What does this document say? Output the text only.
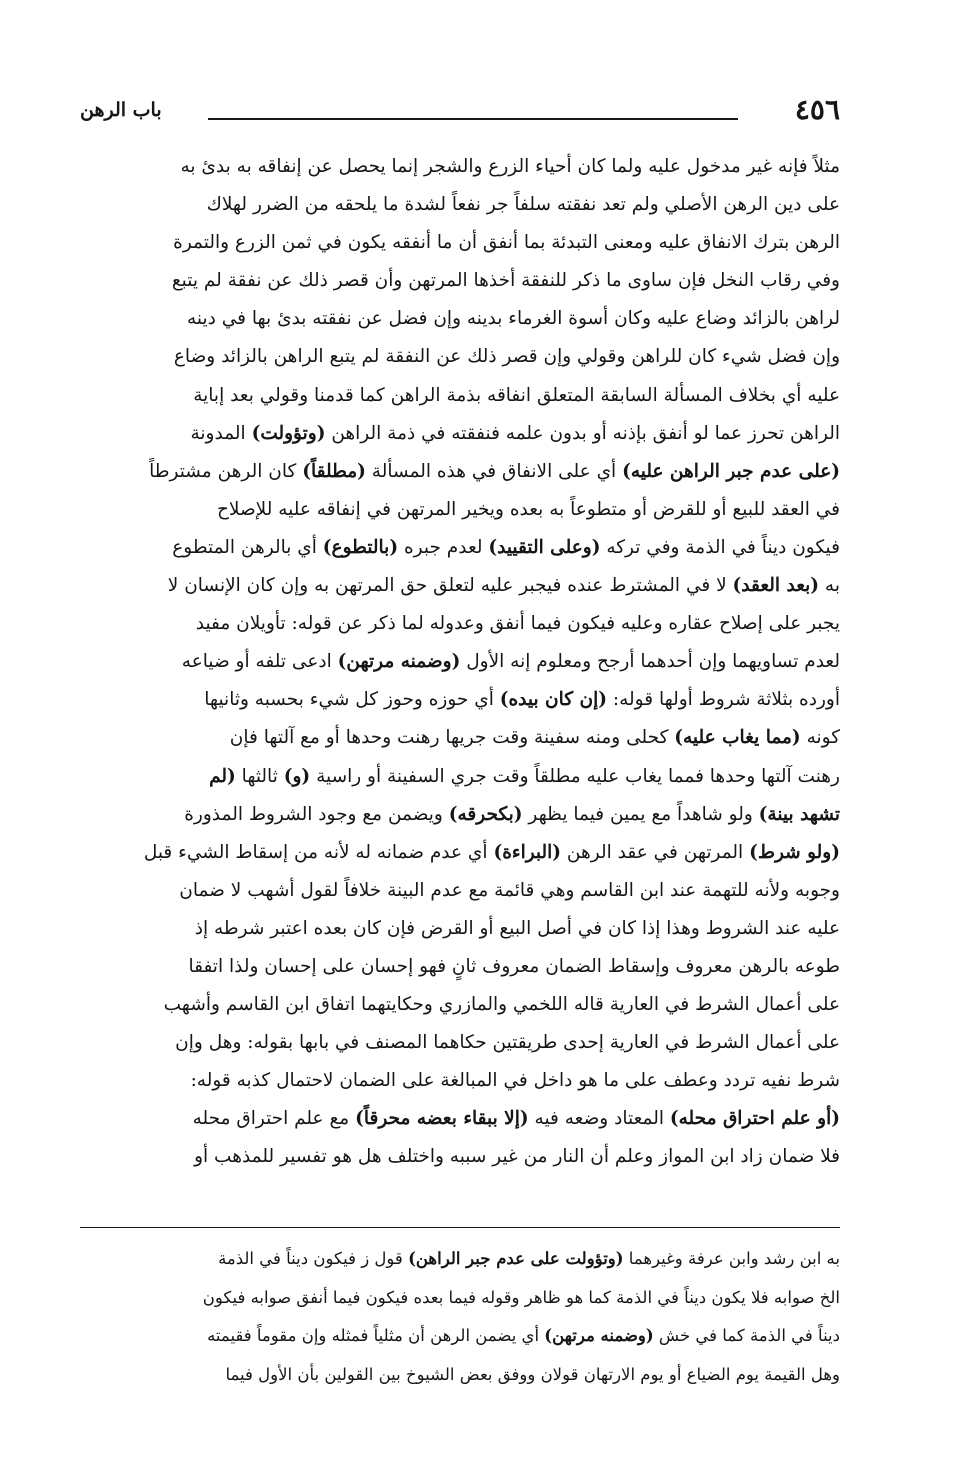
٤٥٦
باب الرهن
مثلاً فإنه غير مدخول عليه ولما كان أحياء الزرع والشجر إنما يحصل عن إنفاقه به بدئ به
على دين الرهن الأصلي ولم تعد نفقته سلفاً جر نفعاً لشدة ما يلحقه من الضرر لهلاك
الرهن بترك الانفاق عليه ومعنى التبدئة بما أنفق أن ما أنفقه يكون في ثمن الزرع والتمرة
وفي رقاب النخل فإن ساوى ما ذكر للنفقة أخذها المرتهن وأن قصر ذلك عن نفقة لم يتبع
لراهن بالزائد وضاع عليه وكان أسوة الغرماء بدينه وإن فضل عن نفقته بدئ بها في دينه
وإن فضل شيء كان للراهن وقولي وإن قصر ذلك عن النفقة لم يتبع الراهن بالزائد وضاع
عليه أي بخلاف المسألة السابقة المتعلق انفاقه بذمة الراهن كما قدمنا وقولي بعد إباية
الراهن تحرز عما لو أنفق بإذنه أو بدون علمه فنفقته في ذمة الراهن (وتؤولت) المدونة
(على عدم جبر الراهن عليه) أي على الانفاق في هذه المسألة (مطلقاً) كان الرهن مشترطاً
في العقد للبيع أو للقرض أو متطوعاً به بعده ويخير المرتهن في إنفاقه عليه للإصلاح
فيكون ديناً في الذمة وفي تركه (وعلى التقييد) لعدم جبره (بالتطوع) أي بالرهن المتطوع
به (بعد العقد) لا في المشترط عنده فيجبر عليه لتعلق حق المرتهن به وإن كان الإنسان لا
يجبر على إصلاح عقاره وعليه فيكون فيما أنفق وعدوله لما ذكر عن قوله: تأويلان مفيد
لعدم تساويهما وإن أحدهما أرجح ومعلوم إنه الأول (وضمنه مرتهن) ادعى تلفه أو ضياعه
أورده بثلاثة شروط أولها قوله: (إن كان بيده) أي حوزه وحوز كل شيء بحسبه وثانيها
كونه (مما يغاب عليه) كحلى ومنه سفينة وقت جريها رهنت وحدها أو مع آلتها فإن
رهنت آلتها وحدها فمما يغاب عليه مطلقاً وقت جري السفينة أو راسية (و) ثالثها (لم
تشهد بينة) ولو شاهداً مع يمين فيما يظهر (بكحرقه) ويضمن مع وجود الشروط المذورة
(ولو شرط) المرتهن في عقد الرهن (البراءة) أي عدم ضمانه له لأنه من إسقاط الشيء قبل
وجوبه ولأنه للتهمة عند ابن القاسم وهي قائمة مع عدم البينة خلافاً لقول أشهب لا ضمان
عليه عند الشروط وهذا إذا كان في أصل البيع أو القرض فإن كان بعده اعتبر شرطه إذ
طوعه بالرهن معروف وإسقاط الضمان معروف ثانٍ فهو إحسان على إحسان ولذا اتفقا
على أعمال الشرط في العارية قاله اللخمي والمازري وحكايتهما اتفاق ابن القاسم وأشهب
على أعمال الشرط في العارية إحدى طريقتين حكاهما المصنف في بابها بقوله: وهل وإن
شرط نفيه تردد وعطف على ما هو داخل في المبالغة على الضمان لاحتمال كذبه قوله:
(أو علم احتراق محله) المعتاد وضعه فيه (إلا ببقاء بعضه محرقاً) مع علم احتراق محله
فلا ضمان زاد ابن المواز وعلم أن النار من غير سببه واختلف هل هو تفسير للمذهب أو
به ابن رشد وابن عرفة وغيرهما (وتؤولت على عدم جبر الراهن) قول ز فيكون ديناً في الذمة
الخ صوابه فلا يكون ديناً في الذمة كما هو ظاهر وقوله فيما بعده فيكون فيما أنفق صوابه فيكون
ديناً في الذمة كما في خش (وضمنه مرتهن) أي يضمن الرهن أن مثلياً فمثله وإن مقوماً فقيمته
وهل القيمة يوم الضياع أو يوم الارتهان قولان ووفق بعض الشيوخ بين القولين بأن الأول فيما
